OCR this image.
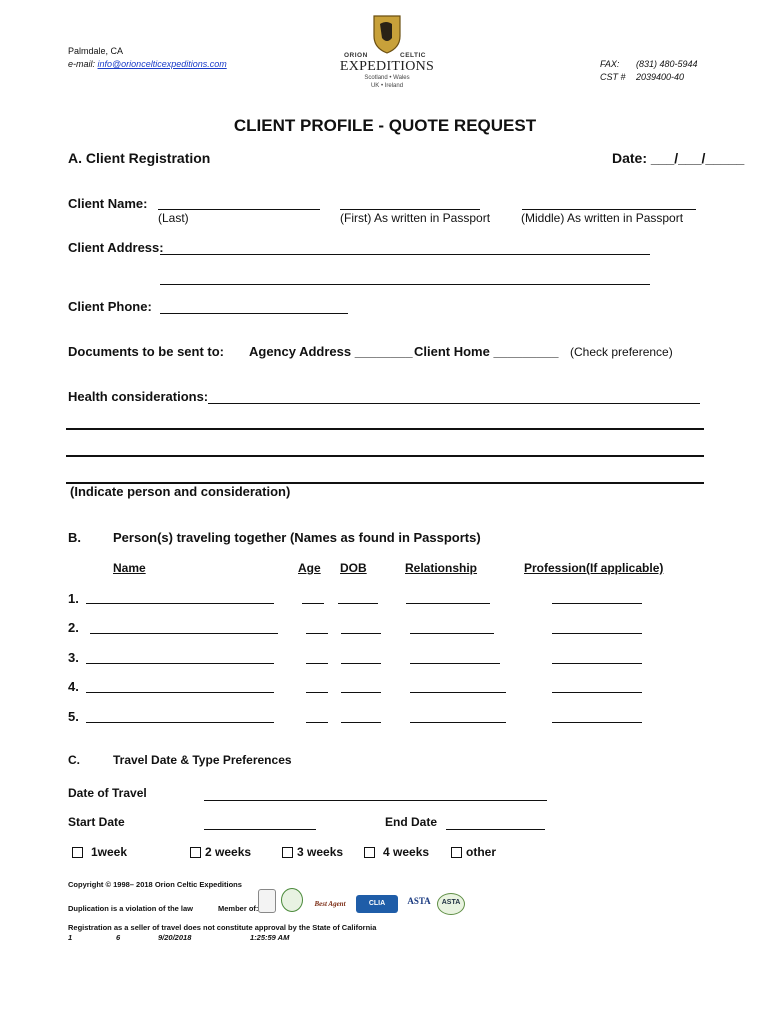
Palmdale, CA
e-mail: info@orioncelticexpeditions.com
ORION	CELTIC
EXPEDITIONS
Scotland • Wales
UK • Ireland
FAX: (831) 480-5944
CST # 2039400-40
CLIENT PROFILE - QUOTE REQUEST
A. Client Registration	Date: ___/___/_____
Client Name:
(Last)	(First) As written in Passport	(Middle) As written in Passport
Client Address:
Client Phone:
Documents to be sent to: Agency Address ________ Client Home _________ (Check preference)
Health considerations:
(Indicate person and consideration)
B. Person(s) traveling together (Names as found in Passports)
Name	Age DOB	Relationship	Profession(If applicable)
1.
2.
3.
4.
5.
C.	Travel Date & Type Preferences
Date of Travel
Start Date	End Date
1week	2 weeks	3 weeks	4 weeks	other
Copyright © 1998– 2018 Orion Celtic Expeditions
Duplication is a violation of the law	Member of:	Best Agent	CLIA	ASTA	ASTA
Registration as a seller of travel does not constitute approval by the State of California
1	6	9/20/2018	1:25:59 AM
